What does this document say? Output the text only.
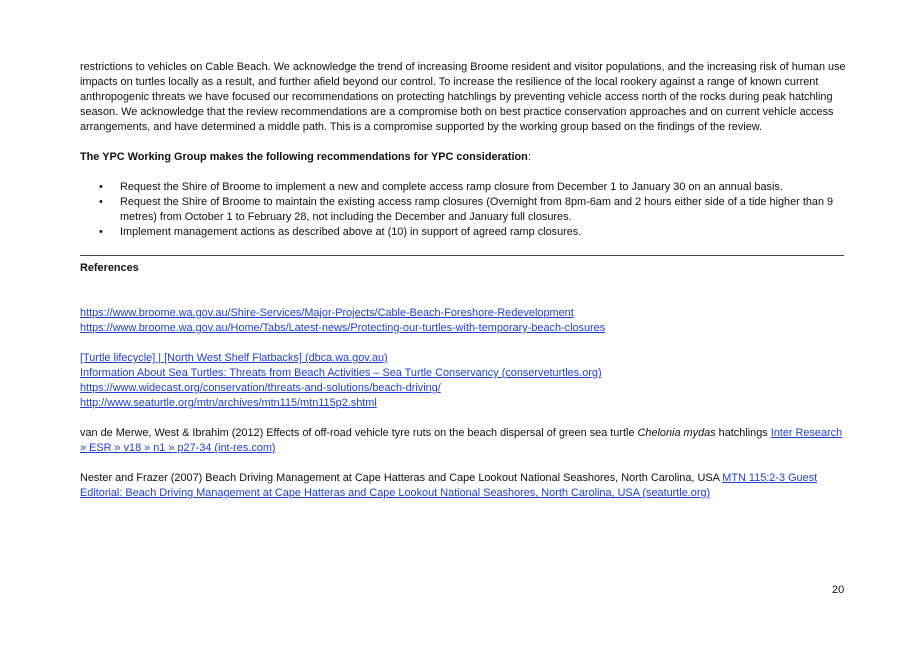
restrictions to vehicles on Cable Beach. We acknowledge the trend of increasing Broome resident and visitor populations, and the increasing risk of human use impacts on turtles locally as a result, and further afield beyond our control. To increase the resilience of the local rookery against a range of known current anthropogenic threats we have focused our recommendations on protecting hatchlings by preventing vehicle access north of the rocks during peak hatchling season. We acknowledge that the review recommendations are a compromise both on best practice conservation approaches and on current vehicle access arrangements, and have determined a middle path. This is a compromise supported by the working group based on the findings of the review.

The YPC Working Group makes the following recommendations for YPC consideration:

• Request the Shire of Broome to implement a new and complete access ramp closure from December 1 to January 30 on an annual basis.
• Request the Shire of Broome to maintain the existing access ramp closures (Overnight from 8pm-6am and 2 hours either side of a tide higher than 9 metres) from October 1 to February 28, not including the December and January full closures.
• Implement management actions as described above at (10) in support of agreed ramp closures.

References

https://www.broome.wa.gov.au/Shire-Services/Major-Projects/Cable-Beach-Foreshore-Redevelopment
https://www.broome.wa.gov.au/Home/Tabs/Latest-news/Protecting-our-turtles-with-temporary-beach-closures
[Turtle lifecycle] | [North West Shelf Flatbacks] (dbca.wa.gov.au)
Information About Sea Turtles: Threats from Beach Activities – Sea Turtle Conservancy (conserveturtles.org)
https://www.widecast.org/conservation/threats-and-solutions/beach-driving/
http://www.seaturtle.org/mtn/archives/mtn115/mtn115p2.shtml

van de Merwe, West & Ibrahim (2012) Effects of off-road vehicle tyre ruts on the beach dispersal of green sea turtle Chelonia mydas hatchlings Inter Research » ESR » v18 » n1 » p27-34 (int-res.com)

Nester and Frazer (2007) Beach Driving Management at Cape Hatteras and Cape Lookout National Seashores, North Carolina, USA MTN 115:2-3 Guest Editorial: Beach Driving Management at Cape Hatteras and Cape Lookout National Seashores, North Carolina, USA (seaturtle.org)

20
